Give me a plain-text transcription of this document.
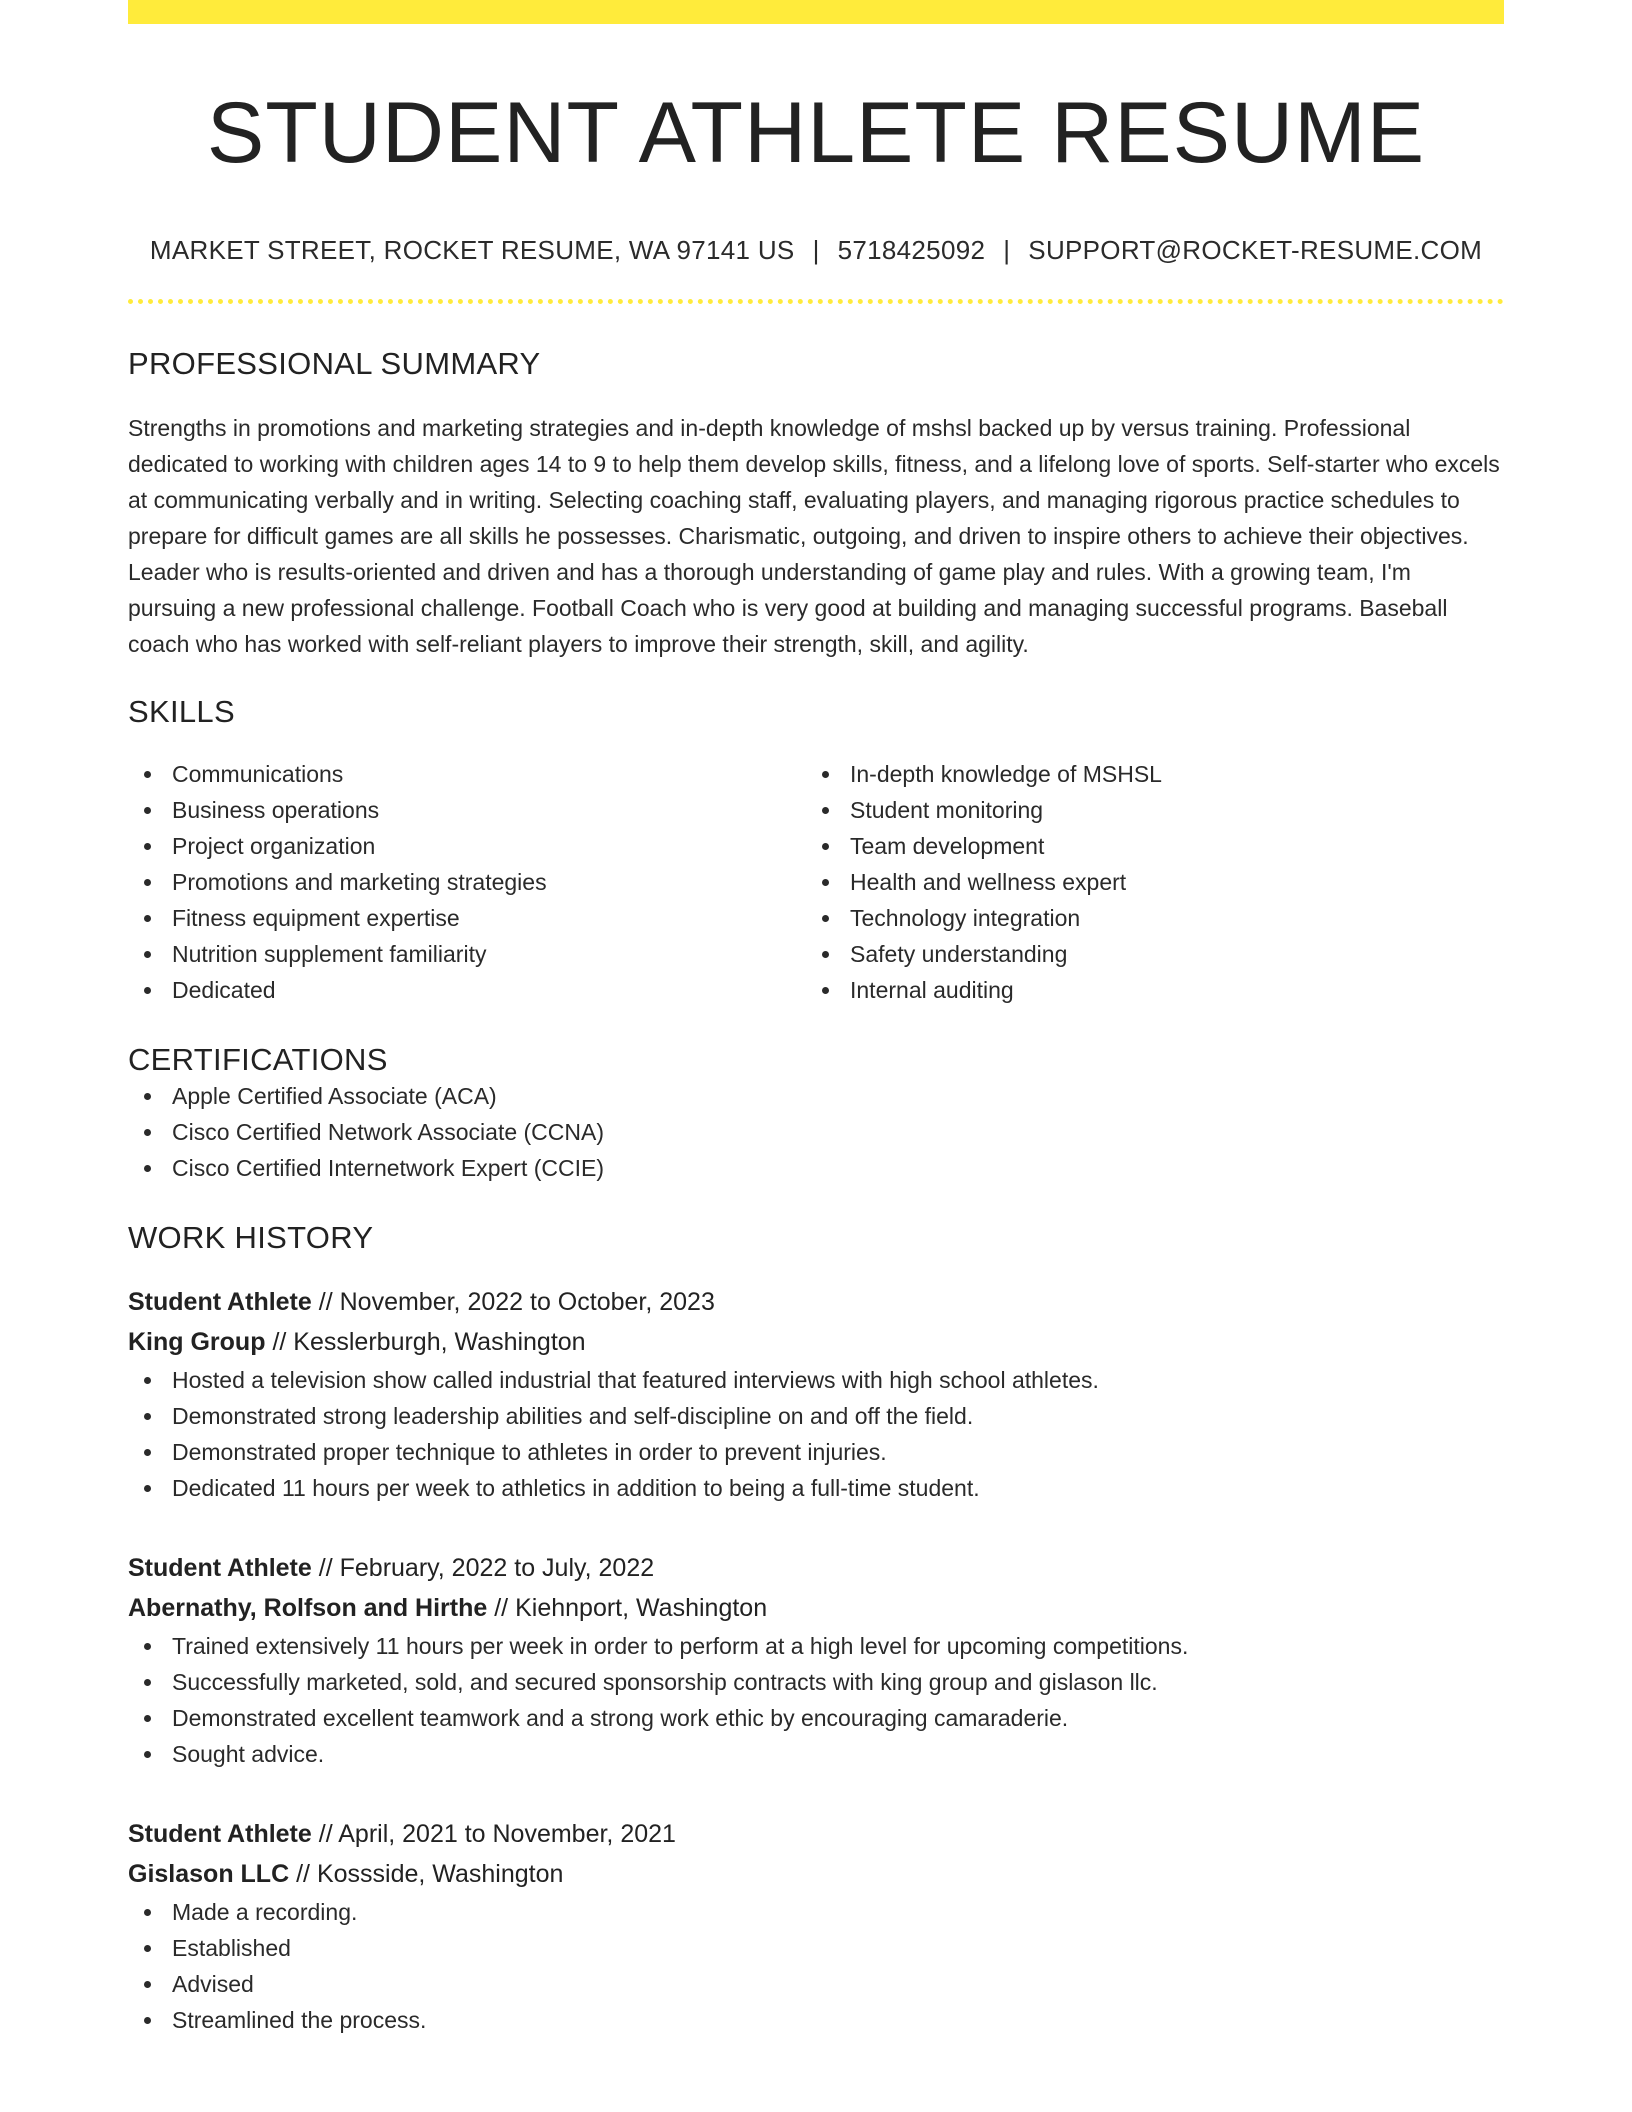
STUDENT ATHLETE RESUME
MARKET STREET, ROCKET RESUME, WA 97141 US | 5718425092 | SUPPORT@ROCKET-RESUME.COM
PROFESSIONAL SUMMARY

Strengths in promotions and marketing strategies and in-depth knowledge of mshsl backed up by versus training. Professional dedicated to working with children ages 14 to 9 to help them develop skills, fitness, and a lifelong love of sports. Self-starter who excels at communicating verbally and in writing. Selecting coaching staff, evaluating players, and managing rigorous practice schedules to prepare for difficult games are all skills he possesses. Charismatic, outgoing, and driven to inspire others to achieve their objectives. Leader who is results-oriented and driven and has a thorough understanding of game play and rules. With a growing team, I'm pursuing a new professional challenge. Football Coach who is very good at building and managing successful programs. Baseball coach who has worked with self-reliant players to improve their strength, skill, and agility.

SKILLS
Communications
Business operations
Project organization
Promotions and marketing strategies
Fitness equipment expertise
Nutrition supplement familiarity
Dedicated
In-depth knowledge of MSHSL
Student monitoring
Team development
Health and wellness expert
Technology integration
Safety understanding
Internal auditing
CERTIFICATIONS
Apple Certified Associate (ACA)
Cisco Certified Network Associate (CCNA)
Cisco Certified Internetwork Expert (CCIE)
WORK HISTORY
Student Athlete // November, 2022 to October, 2023
King Group // Kesslerburgh, Washington
Hosted a television show called industrial that featured interviews with high school athletes.
Demonstrated strong leadership abilities and self-discipline on and off the field.
Demonstrated proper technique to athletes in order to prevent injuries.
Dedicated 11 hours per week to athletics in addition to being a full-time student.
Student Athlete // February, 2022 to July, 2022
Abernathy, Rolfson and Hirthe // Kiehnport, Washington
Trained extensively 11 hours per week in order to perform at a high level for upcoming competitions.
Successfully marketed, sold, and secured sponsorship contracts with king group and gislason llc.
Demonstrated excellent teamwork and a strong work ethic by encouraging camaraderie.
Sought advice.
Student Athlete // April, 2021 to November, 2021
Gislason LLC // Kossside, Washington
Made a recording.
Established
Advised
Streamlined the process.
